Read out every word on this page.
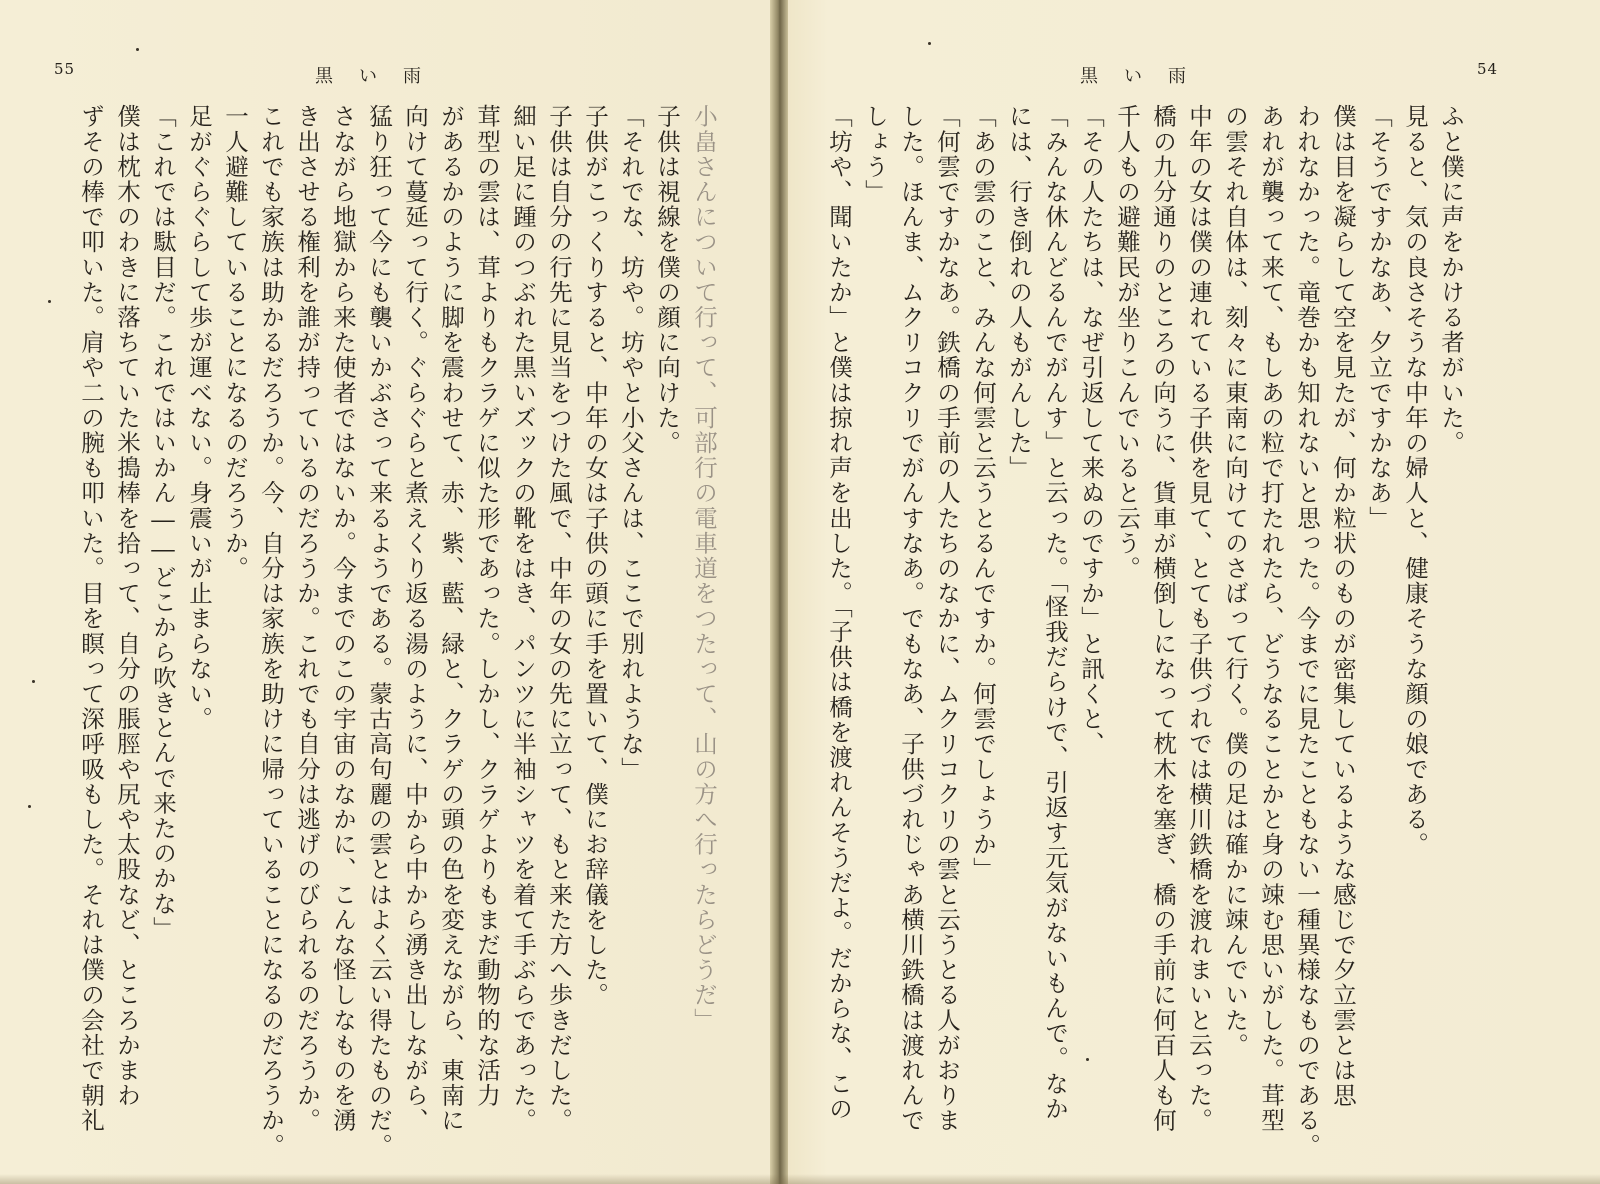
55	黒い雨
小畠さんについて行って、可部行の電車道をつたって、山の方へ行ったらどうだ」
子供は視線を僕の顔に向けた。
「それでな、坊や。坊やと小父さんは、ここで別れような」
子供がこっくりすると、中年の女は子供の頭に手を置いて、僕にお辞儀をした。
子供は自分の行先に見当をつけた風で、中年の女の先に立って、もと来た方へ歩きだした。
細い足に踵のつぶれた黒いズックの靴をはき、パンツに半袖シャツを着て手ぶらであった。
茸型の雲は、茸よりもクラゲに似た形であった。しかし、クラゲよりもまだ動物的な活力
があるかのように脚を震わせて、赤、紫、藍、緑と、クラゲの頭の色を変えながら、東南に
向けて蔓延って行く。ぐらぐらと煮えくり返る湯のように、中から中から湧き出しながら、
猛り狂って今にも襲いかぶさって来るようである。蒙古高句麗の雲とはよく云い得たものだ。
さながら地獄から来た使者ではないか。今までのこの宇宙のなかに、こんな怪しなものを湧
き出させる権利を誰が持っているのだろうか。これでも自分は逃げのびられるのだろうか。
これでも家族は助かるだろうか。今、自分は家族を助けに帰っていることになるのだろうか。
一人避難していることになるのだろうか。
足がぐらぐらして歩が運べない。身震いが止まらない。
「これでは駄目だ。これではいかん――どこから吹きとんで来たのかな」
僕は枕木のわきに落ちていた米搗棒を拾って、自分の脹脛や尻や太股など、ところかまわ
ずその棒で叩いた。肩や二の腕も叩いた。目を瞑って深呼吸もした。それは僕の会社で朝礼
54
黒い雨
ふと僕に声をかける者がいた。
見ると、気の良さそうな中年の婦人と、健康そうな顔の娘である。
「そうですかなあ、夕立ですかなあ」
僕は目を凝らして空を見たが、何か粒状のものが密集しているような感じで夕立雲とは思
われなかった。竜巻かも知れないと思った。今までに見たこともない一種異様なものである。
あれが襲って来て、もしあの粒で打たれたら、どうなることかと身の竦む思いがした。茸型
の雲それ自体は、刻々に東南に向けてのさばって行く。僕の足は確かに竦んでいた。
中年の女は僕の連れている子供を見て、とても子供づれでは横川鉄橋を渡れまいと云った。
橋の九分通りのところの向うに、貨車が横倒しになって枕木を塞ぎ、橋の手前に何百人も何
千人もの避難民が坐りこんでいると云う。
「その人たちは、なぜ引返して来ぬのですか」と訊くと、
「みんな休んどるんでがんす」と云った。「怪我だらけで、引返す元気がないもんで。なか
には、行き倒れの人もがんした」
「あの雲のこと、みんな何雲と云うとるんですか。何雲でしょうか」
「何雲ですかなあ。鉄橋の手前の人たちのなかに、ムクリコクリの雲と云うとる人がおりま
した。ほんま、ムクリコクリでがんすなあ。でもなあ、子供づれじゃあ横川鉄橋は渡れんで
しょう」
「坊や、聞いたか」と僕は掠れ声を出した。「子供は橋を渡れんそうだよ。だからな、この
